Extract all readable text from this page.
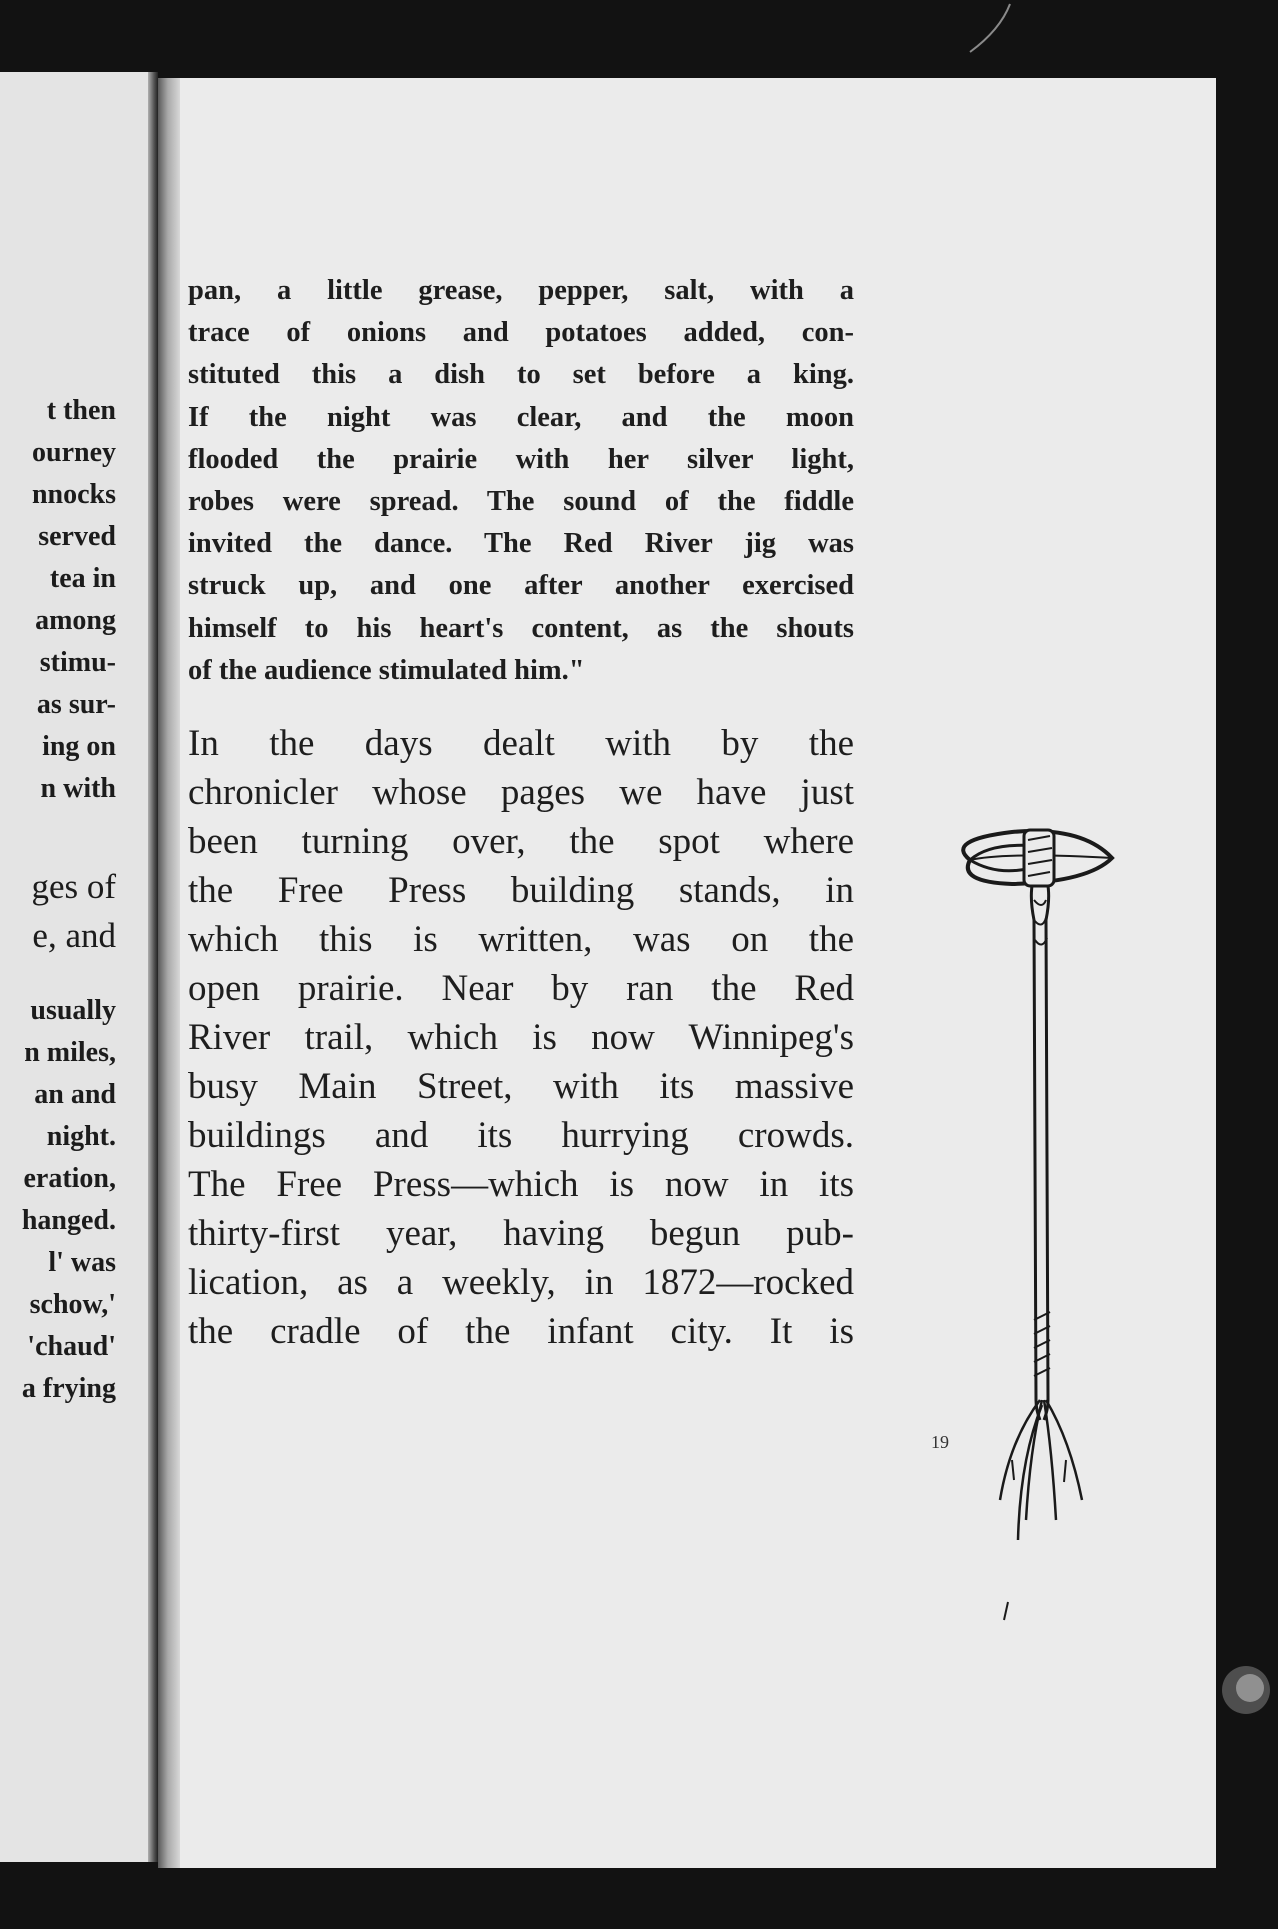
t then
ourney
nnocks
served
tea in
among
stimu-
as sur-
ing on
n with
ges of
e, and
usually
n miles,
an and
night.
eration,
hanged.
l' was
schow,'
'chaud'
a frying
pan, a little grease, pepper, salt, with a
trace of onions and potatoes added, con-
stituted this a dish to set before a king.
If the night was clear, and the moon
flooded the prairie with her silver light,
robes were spread. The sound of the fiddle
invited the dance. The Red River jig was
struck up, and one after another exercised
himself to his heart's content, as the shouts
of the audience stimulated him."
In the days dealt with by the
chronicler whose pages we have just
been turning over, the spot where
the Free Press building stands, in
which this is written, was on the
open prairie. Near by ran the Red
River trail, which is now Winnipeg's
busy Main Street, with its massive
buildings and its hurrying crowds.
The Free Press—which is now in its
thirty-first year, having begun pub-
lication, as a weekly, in 1872—rocked
the cradle of the infant city. It is
19
